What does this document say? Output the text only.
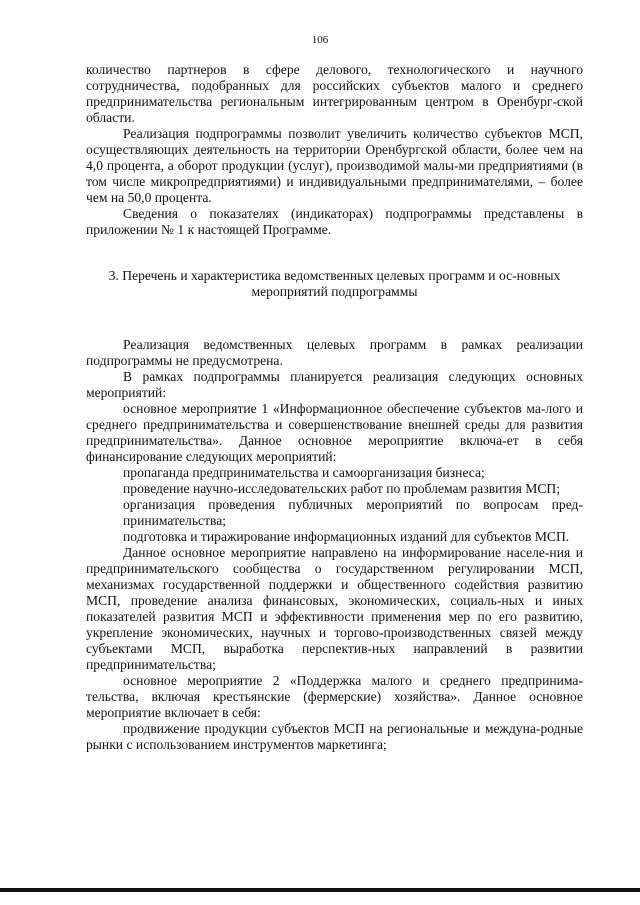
106

количество партнеров в сфере делового, технологического и научного сотрудничества, подобранных для российских субъектов малого и среднего предпринимательства региональным интегрированным центром в Оренбург-ской области.

Реализация подпрограммы позволит увеличить количество субъектов МСП, осуществляющих деятельность на территории Оренбургской области, более чем на 4,0 процента, а оборот продукции (услуг), производимой малы-ми предприятиями (в том числе микропредприятиями) и индивидуальными предпринимателями, – более чем на 50,0 процента.

Сведения о показателях (индикаторах) подпрограммы представлены в приложении № 1 к настоящей Программе.

3. Перечень и характеристика ведомственных целевых программ и ос-новных мероприятий подпрограммы

Реализация ведомственных целевых программ в рамках реализации подпрограммы не предусмотрена.

В рамках подпрограммы планируется реализация следующих основных мероприятий:

основное мероприятие 1 «Информационное обеспечение субъектов ма-лого и среднего предпринимательства и совершенствование внешней среды для развития предпринимательства». Данное основное мероприятие включа-ет в себя финансирование следующих мероприятий:

пропаганда предпринимательства и самоорганизация бизнеса;

проведение научно-исследовательских работ по проблемам развития МСП;

организация проведения публичных мероприятий по вопросам пред-принимательства;

подготовка и тиражирование информационных изданий для субъектов МСП.

Данное основное мероприятие направлено на информирование населе-ния и предпринимательского сообщества о государственном регулировании МСП, механизмах государственной поддержки и общественного содействия развитию МСП, проведение анализа финансовых, экономических, социаль-ных и иных показателей развития МСП и эффективности применения мер по его развитию, укрепление экономических, научных и торгово-производственных связей между субъектами МСП, выработка перспектив-ных направлений в развитии предпринимательства;

основное мероприятие 2 «Поддержка малого и среднего предпринима-тельства, включая крестьянские (фермерские) хозяйства». Данное основное мероприятие включает в себя:

продвижение продукции субъектов МСП на региональные и междуна-родные рынки с использованием инструментов маркетинга;
